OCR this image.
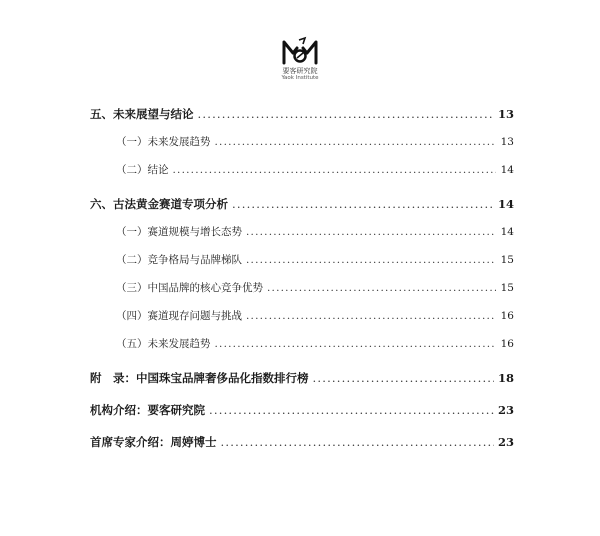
要客研究院
Yaok Institute
五、未来展望与结论 .....	13
（一）未来发展趋势 .....	13
（二）结论 .....	14
六、古法黄金赛道专项分析 .....	14
（一）赛道规模与增长态势 .....	14
（二）竞争格局与品牌梯队 .....	15
（三）中国品牌的核心竞争优势 .....	15
（四）赛道现存问题与挑战 .....	16
（五）未来发展趋势 .....	16
附　录：中国珠宝品牌奢侈品化指数排行榜 .....	18
机构介绍：要客研究院 .....	23
首席专家介绍：周婷博士 .....	23
